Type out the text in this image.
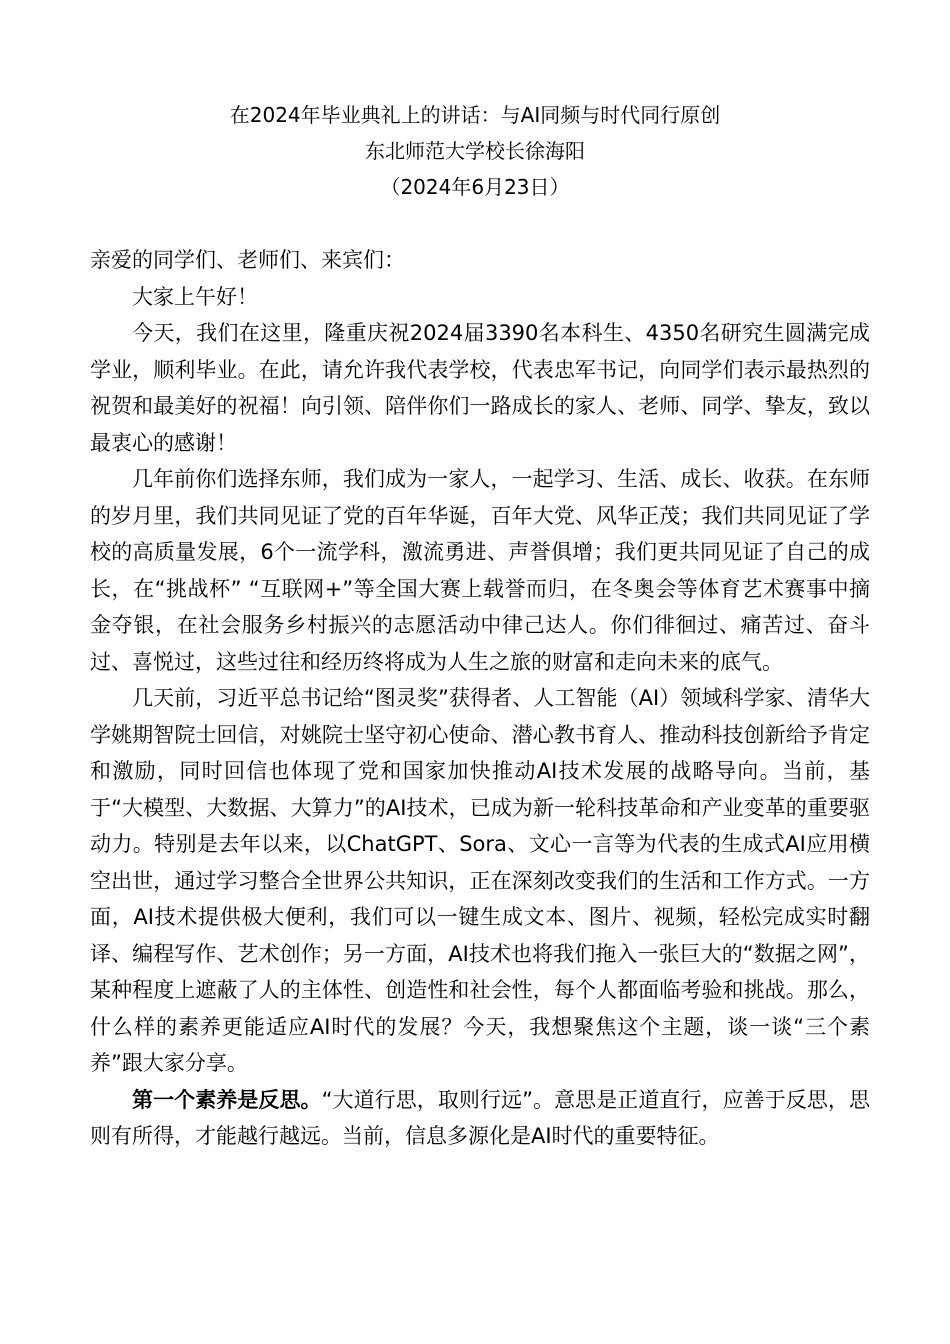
在2024年毕业典礼上的讲话：与AI同频与时代同行原创
东北师范大学校长徐海阳
（2024年6月23日）

亲爱的同学们、老师们、来宾们：

大家上午好！

今天，我们在这里，隆重庆祝2024届3390名本科生、4350名研究生圆满完成学业，顺利毕业。在此，请允许我代表学校，代表忠军书记，向同学们表示最热烈的祝贺和最美好的祝福！向引领、陪伴你们一路成长的家人、老师、同学、挚友，致以最衷心的感谢！

几年前你们选择东师，我们成为一家人，一起学习、生活、成长、收获。在东师的岁月里，我们共同见证了党的百年华诞，百年大党、风华正茂；我们共同见证了学校的高质量发展，6个一流学科，激流勇进、声誉俱增；我们更共同见证了自己的成长，在“挑战杯” “互联网+”等全国大赛上载誉而归，在冬奥会等体育艺术赛事中摘金夺银，在社会服务乡村振兴的志愿活动中律己达人。你们徘徊过、痛苦过、奋斗过、喜悦过，这些过往和经历终将成为人生之旅的财富和走向未来的底气。

几天前，习近平总书记给“图灵奖”获得者、人工智能（AI）领域科学家、清华大学姚期智院士回信，对姚院士坚守初心使命、潜心教书育人、推动科技创新给予肯定和激励，同时回信也体现了党和国家加快推动AI技术发展的战略导向。当前，基于“大模型、大数据、大算力”的AI技术，已成为新一轮科技革命和产业变革的重要驱动力。特别是去年以来，以ChatGPT、Sora、文心一言等为代表的生成式AI应用横空出世，通过学习整合全世界公共知识，正在深刻改变我们的生活和工作方式。一方面，AI技术提供极大便利，我们可以一键生成文本、图片、视频，轻松完成实时翻译、编程写作、艺术创作；另一方面，AI技术也将我们拖入一张巨大的“数据之网”，某种程度上遮蔽了人的主体性、创造性和社会性，每个人都面临考验和挑战。那么，什么样的素养更能适应AI时代的发展？今天，我想聚焦这个主题，谈一谈“三个素养”跟大家分享。

第一个素养是反思。“大道行思，取则行远”。意思是正道直行，应善于反思，思则有所得，才能越行越远。当前，信息多源化是AI时代的重要特征。
